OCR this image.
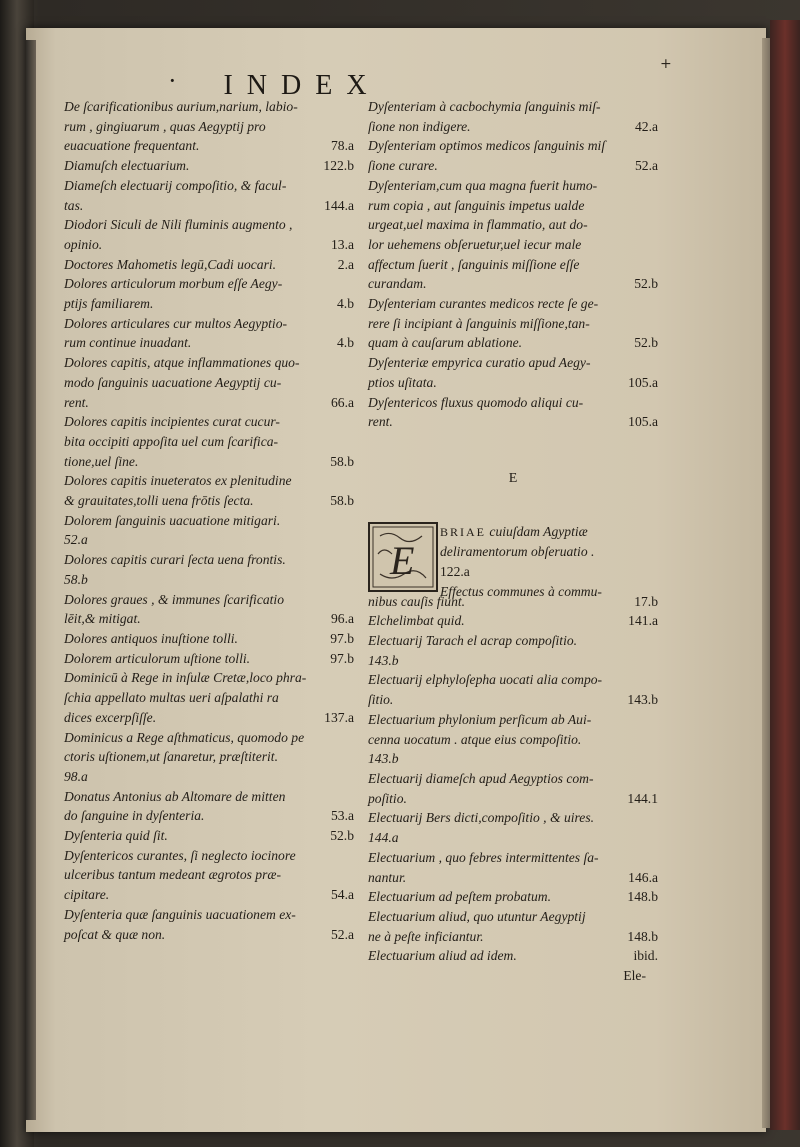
·	INDEX
+
De ſcarificationibus aurium,narium, labio-
rum , gingiuarum , quas Aegyptij pro
euacuatione frequentant.	78.a
Diamuſch electuarium.	122.b
Diameſch electuarij compoſitio, & facul-
tas.	144.a
Diodori Siculi de Nili fluminis augmento ,
opinio.	13.a
Doctores Mahometis legū,Cadi uocari.	2.a
Dolores articulorum morbum eſſe Aegy-
ptijs familiarem.	4.b
Dolores articulares cur multos Aegyptio-
rum continue inuadant.	4.b
Dolores capitis, atque inflammationes quo-
modo ſanguinis uacuatione Aegyptij cu-
rent.	66.a
Dolores capitis incipientes curat cucur-
bita occipiti appoſita uel cum ſcarifica-
tione,uel ſine.	58.b
Dolores capitis inueteratos ex plenitudine
& grauitates,tolli uena frōtis ſecta.	58.b
Dolorem ſanguinis uacuatione mitigari.
52.a
Dolores capitis curari ſecta uena frontis.
58.b
Dolores graues , & immunes ſcarificatio
lēit,& mitigat.	96.a
Dolores antiquos inuſtione tolli.	97.b
Dolorem articulorum uſtione tolli.	97.b
Dominicū à Rege in inſulæ Cretæ,loco phra-
ſchia appellato multas ueri aſpalathi ra
dices excerpſiſſe.	137.a
Dominicus a Rege aſthmaticus, quomodo pe
ctoris uſtionem,ut ſanaretur, præſtiterit.
98.a
Donatus Antonius ab Altomare de mitten
do ſanguine in dyſenteria.	53.a
Dyſenteria quid ſit.	52.b
Dyſentericos curantes, ſi neglecto iocinore
ulceribus tantum medeant ægrotos præ-
cipitare.	54.a
Dyſenteria quæ ſanguinis uacuationem ex-
poſcat & quæ non.	52.a
Dyſenteriam à cacbochymia ſanguinis miſ-
ſione non indigere.	42.a
Dyſenteriam optimos medicos ſanguinis miſ
ſione curare.	52.a
Dyſenteriam,cum qua magna fuerit humo-
rum copia , aut ſanguinis impetus ualde
urgeat,uel maxima in flammatio, aut do-
lor uehemens obſeruetur,uel iecur male
affectum ſuerit , ſanguinis miſſione eſſe
curandam.	52.b
Dyſenteriam curantes medicos recte ſe ge-
rere ſi incipiant à ſanguinis miſſione,tan-
quam à cauſarum ablatione.	52.b
Dyſenteriæ empyrica curatio apud Aegy-
ptios uſitata.	105.a
Dyſentericos fluxus quomodo aliqui cu-
rent.	105.a
E
E
BRIAE cuiuſdam Agyptiæ
deliramentorum obſeruatio .
122.a
Effectus communes à commu-
nibus cauſis fiunt.	17.b
Elchelimbat quid.	141.a
Electuarij Tarach el acrap compoſitio.
143.b
Electuarij elphyloſepha uocati alia compo-
ſitio.	143.b
Electuarium phylonium perſicum ab Aui-
cenna uocatum . atque eius compoſitio.
143.b
Electuarij diameſch apud Aegyptios com-
poſitio.	144.1
Electuarij Bers dicti,compoſitio , & uires.
144.a
Electuarium , quo febres intermittentes ſa-
nantur.	146.a
Electuarium ad peſtem probatum.	148.b
Electuarium aliud, quo utuntur Aegyptij
ne à peſte inficiantur.	148.b
Electuarium aliud ad idem.	ibid.
Ele-
